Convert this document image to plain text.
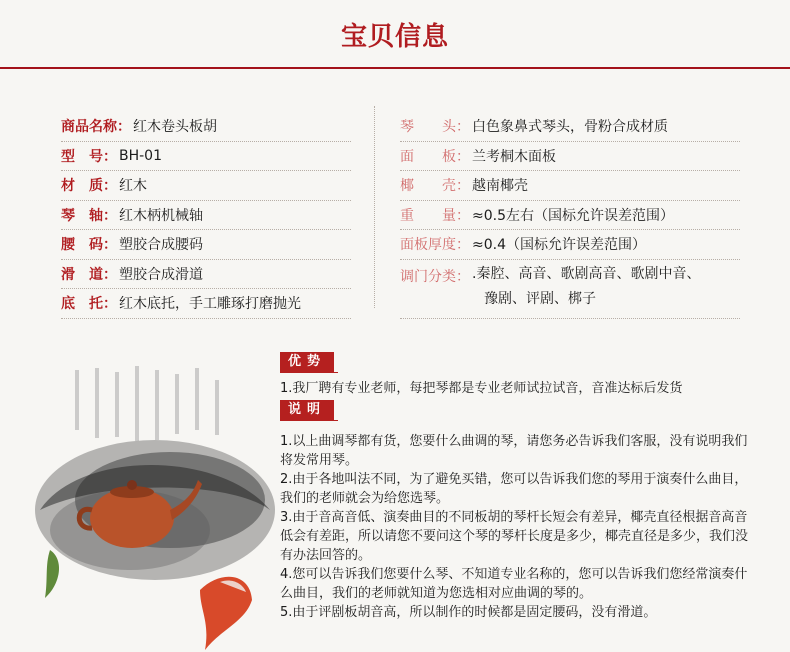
宝贝信息
商品名称： 红木卷头板胡
型　号： BH-01
材　质： 红木
琴　轴： 红木柄机械轴
腰　码： 塑胶合成腰码
滑　道： 塑胶合成滑道
底　托： 红木底托，手工雕琢打磨抛光
琴　　头： 白色象鼻式琴头，骨粉合成材质
面　　板： 兰考桐木面板
椰　　壳： 越南椰壳
重　　量： ≈0.5左右（国标允许误差范围）
面板厚度： ≈0.4（国标允许误差范围）
调门分类： .秦腔、高音、歌剧高音、歌剧中音、
豫剧、评剧、梆子
优势
1.我厂聘有专业老师，每把琴都是专业老师试拉试音，音准达标后发货
说明

1.以上曲调琴都有货，您要什么曲调的琴，请您务必告诉我们客服，没有说明我们将发常用琴。

2.由于各地叫法不同，为了避免买错，您可以告诉我们您的琴用于演奏什么曲目，我们的老师就会为给您选琴。

3.由于音高音低、演奏曲目的不同板胡的琴杆长短会有差异，椰壳直径根据音高音低会有差距，所以请您不要问这个琴的琴杆长度是多少，椰壳直径是多少，我们没有办法回答的。

4.您可以告诉我们您要什么琴、不知道专业名称的，您可以告诉我们您经常演奏什么曲目，我们的老师就知道为您选相对应曲调的琴的。

5.由于评剧板胡音高，所以制作的时候都是固定腰码，没有滑道。
